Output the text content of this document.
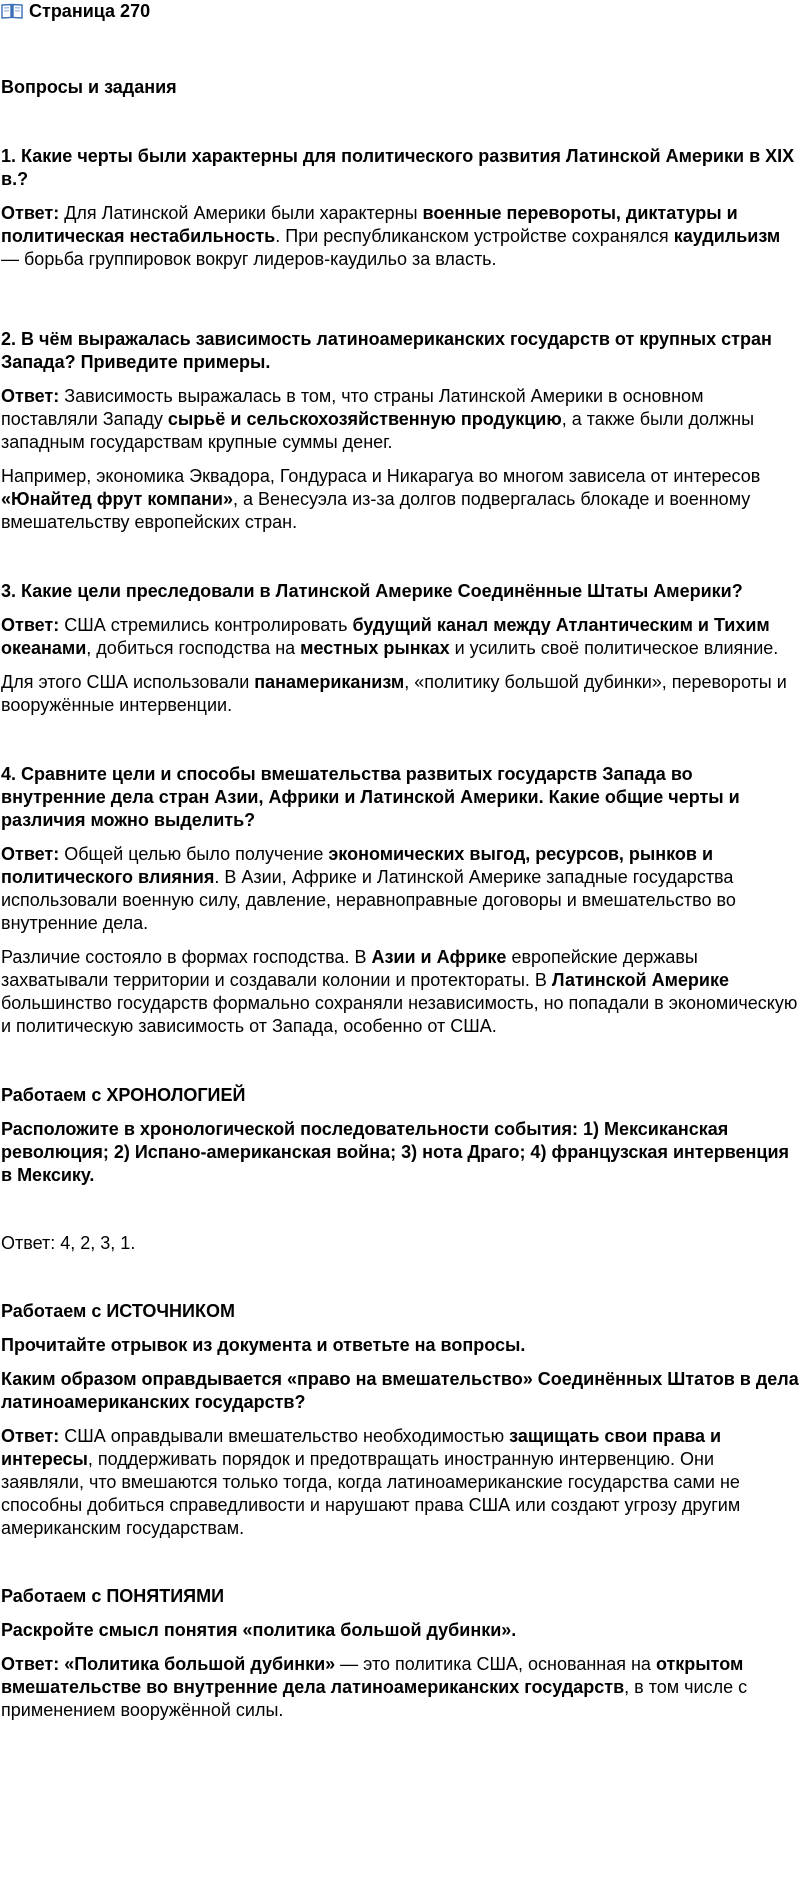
Страница 270

Вопросы и задания

1. Какие черты были характерны для политического развития Латинской Америки в XIX в.?

Ответ: Для Латинской Америки были характерны военные перевороты, диктатуры и политическая нестабильность. При республиканском устройстве сохранялся каудильизм — борьба группировок вокруг лидеров-каудильо за власть.

2. В чём выражалась зависимость латиноамериканских государств от крупных стран Запада? Приведите примеры.

Ответ: Зависимость выражалась в том, что страны Латинской Америки в основном поставляли Западу сырьё и сельскохозяйственную продукцию, а также были должны западным государствам крупные суммы денег.

Например, экономика Эквадора, Гондураса и Никарагуа во многом зависела от интересов «Юнайтед фрут компани», а Венесуэла из-за долгов подвергалась блокаде и военному вмешательству европейских стран.

3. Какие цели преследовали в Латинской Америке Соединённые Штаты Америки?

Ответ: США стремились контролировать будущий канал между Атлантическим и Тихим океанами, добиться господства на местных рынках и усилить своё политическое влияние.

Для этого США использовали панамериканизм, «политику большой дубинки», перевороты и вооружённые интервенции.

4. Сравните цели и способы вмешательства развитых государств Запада во внутренние дела стран Азии, Африки и Латинской Америки. Какие общие черты и различия можно выделить?

Ответ: Общей целью было получение экономических выгод, ресурсов, рынков и политического влияния. В Азии, Африке и Латинской Америке западные государства использовали военную силу, давление, неравноправные договоры и вмешательство во внутренние дела.

Различие состояло в формах господства. В Азии и Африке европейские державы захватывали территории и создавали колонии и протектораты. В Латинской Америке большинство государств формально сохраняли независимость, но попадали в экономическую и политическую зависимость от Запада, особенно от США.

Работаем с ХРОНОЛОГИЕЙ

Расположите в хронологической последовательности события: 1) Мексиканская революция; 2) Испано-американская война; 3) нота Драго; 4) французская интервенция в Мексику.

Ответ: 4, 2, 3, 1.

Работаем с ИСТОЧНИКОМ

Прочитайте отрывок из документа и ответьте на вопросы.

Каким образом оправдывается «право на вмешательство» Соединённых Штатов в дела латиноамериканских государств?

Ответ: США оправдывали вмешательство необходимостью защищать свои права и интересы, поддерживать порядок и предотвращать иностранную интервенцию. Они заявляли, что вмешаются только тогда, когда латиноамериканские государства сами не способны добиться справедливости и нарушают права США или создают угрозу другим американским государствам.

Работаем с ПОНЯТИЯМИ

Раскройте смысл понятия «политика большой дубинки».

Ответ: «Политика большой дубинки» — это политика США, основанная на открытом вмешательстве во внутренние дела латиноамериканских государств, в том числе с применением вооружённой силы.
